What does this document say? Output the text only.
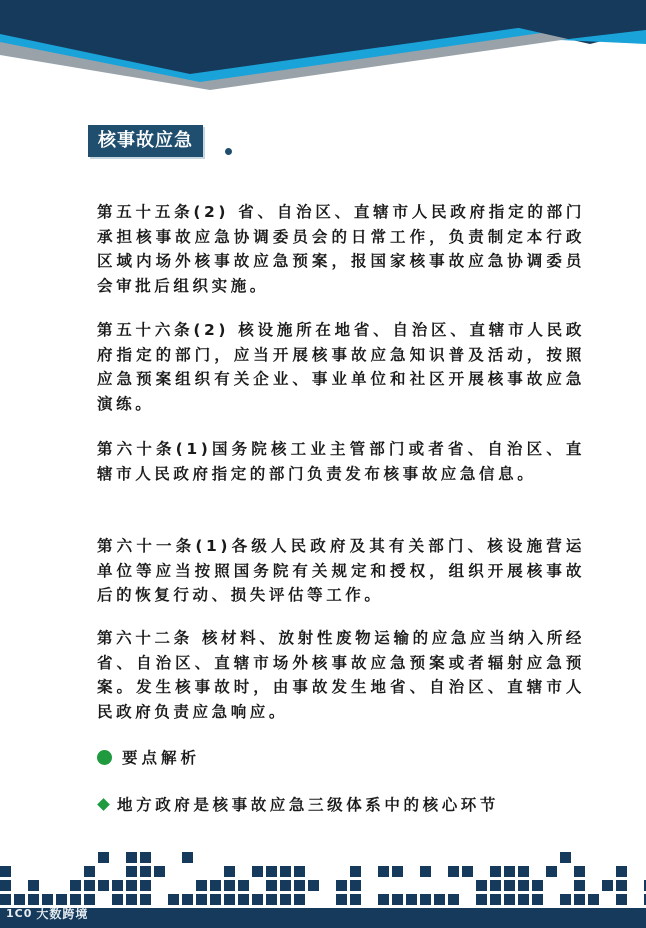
核事故应急

第五十五条(2) 省、自治区、直辖市人民政府指定的部门承担核事故应急协调委员会的日常工作，负责制定本行政区域内场外核事故应急预案，报国家核事故应急协调委员会审批后组织实施。

第五十六条(2) 核设施所在地省、自治区、直辖市人民政府指定的部门，应当开展核事故应急知识普及活动，按照应急预案组织有关企业、事业单位和社区开展核事故应急演练。

第六十条(1)国务院核工业主管部门或者省、自治区、直辖市人民政府指定的部门负责发布核事故应急信息。

第六十一条(1)各级人民政府及其有关部门、核设施营运单位等应当按照国务院有关规定和授权，组织开展核事故后的恢复行动、损失评估等工作。

第六十二条 核材料、放射性废物运输的应急应当纳入所经省、自治区、直辖市场外核事故应急预案或者辐射应急预案。发生核事故时，由事故发生地省、自治区、直辖市人民政府负责应急响应。

要点解析
地方政府是核事故应急三级体系中的核心环节
1C0 大数跨境
